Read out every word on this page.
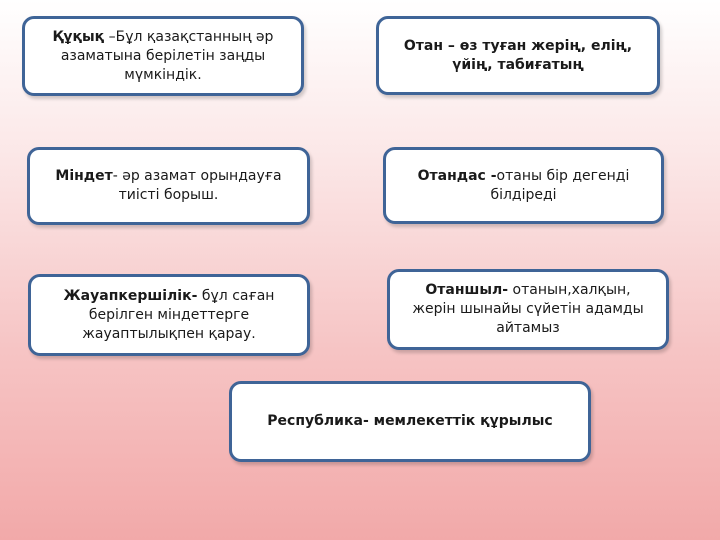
Құқық –Бұл қазақстанның әр азаматына берілетін заңды мүмкіндік.
Отан – өз туған жерің, елің, үйің, табиғатың
Міндет- әр азамат орындауға тиісті борыш.
Отандас -отаны бір дегенді білдіреді
Жауапкершілік- бұл саған берілген міндеттерге жауаптылықпен қарау.
Отаншыл- отанын,халқын, жерін шынайы сүйетін адамды айтамыз
Республика- мемлекеттік құрылыс
